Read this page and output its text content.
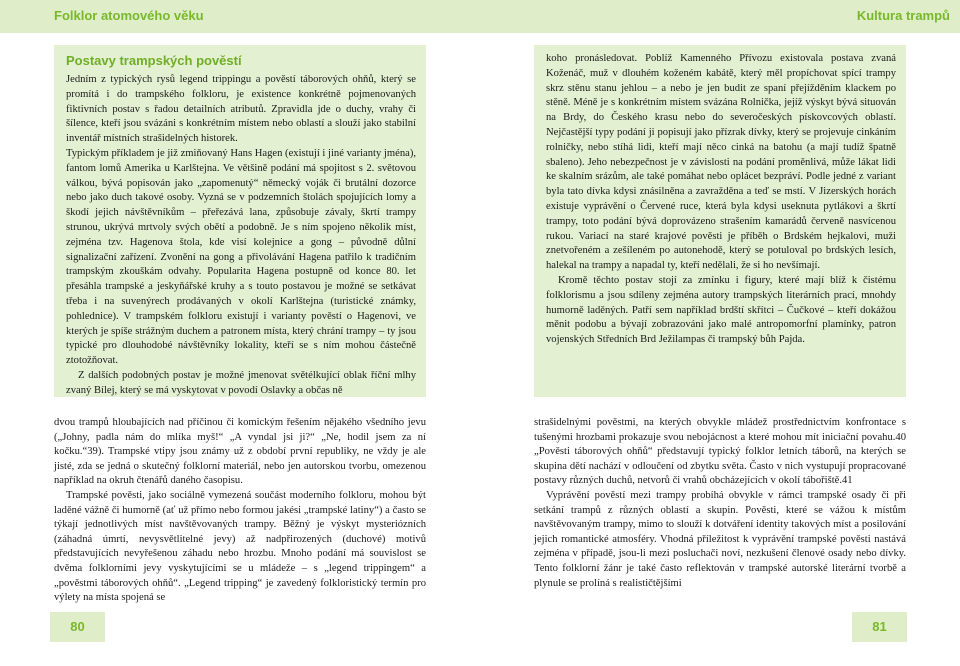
Folklor atomového věku	Kultura trampů
Postavy trampských pověstí

Jedním z typických rysů legend trippingu a pověstí táborových ohňů, který se promítá i do trampského folkloru, je existence konkrétně pojmenovaných fiktivních postav s řadou detailních atributů. Zpravidla jde o duchy, vrahy či šílence, kteří jsou svázáni s konkrétním místem nebo oblastí a slouží jako stabilní inventář místních strašidelných historek.

Typickým příkladem je již zmiňovaný Hans Hagen (existují i jiné varianty jména), fantom lomů Amerika u Karlštejna. Ve většině podání má spojitost s 2. světovou válkou, bývá popisován jako „zapomenutý“ německý voják či brutální dozorce nebo jako duch takové osoby. Vyzná se v podzemních štolách spojujících lomy a škodí jejich návštěvníkům – přeřezává lana, způsobuje závaly, škrtí trampy strunou, ukrývá mrtvoly svých obětí a podobně. Je s ním spojeno několik míst, zejména tzv. Hagenova štola, kde visí kolejnice a gong – původně důlní signalizační zařízení. Zvonění na gong a přivolávání Hagena patřilo k tradičním trampským zkouškám odvahy. Popularita Hagena postupně od konce 80. let přesáhla trampské a jeskyňářské kruhy a s touto postavou je možné se setkávat třeba i na suvenýrech prodávaných v okolí Karlštejna (turistické známky, pohlednice). V trampském folkloru existují i varianty pověstí o Hagenovi, ve kterých je spíše strážným duchem a patronem místa, který chrání trampy – ty jsou typické pro dlouhodobé návštěvníky lokality, kteří se s ním mohou částečně ztotožňovat.

Z dalších podobných postav je možné jmenovat světélkující oblak říční mlhy zvaný Bílej, který se má vyskytovat v povodí Oslavky a občas ně

koho pronásledovat. Poblíž Kamenného Přívozu existovala postava zvaná Koženáč, muž v dlouhém koženém kabátě, který měl propíchovat spící trampy skrz stěnu stanu jehlou – a nebo je jen budit ze spaní přejížděním klackem po stěně. Méně je s konkrétním místem svázána Rolnička, jejíž výskyt bývá situován na Brdy, do Českého krasu nebo do severočeských pískovcových oblastí. Nejčastější typy podání ji popisují jako přízrak dívky, který se projevuje cinkáním rolničky, nebo stíhá lidi, kteří mají něco cinká na batohu (a mají tudíž špatně sbaleno). Jeho nebezpečnost je v závislosti na podání proměnlivá, může lákat lidi ke skalním srázům, ale také pomáhat nebo oplácet bezpráví. Podle jedné z variant byla tato dívka kdysi znásilněna a zavražděna a teď se mstí. V Jizerských horách existuje vyprávění o Červené ruce, která byla kdysi useknuta pytlákovi a škrtí trampy, toto podání bývá doprovázeno strašením kamarádů červeně nasvícenou rukou. Variací na staré krajové pověsti je příběh o Brdském hejkalovi, muži znetvořeném a zešíleném po autonehodě, který se potuloval po brdských lesích, halekal na trampy a napadal ty, kteří nedělali, že si ho nevšímají.

Kromě těchto postav stojí za zmínku i figury, které mají blíž k čistému folklorismu a jsou sdíleny zejména autory trampských literárních prací, mnohdy humorně laděných. Patří sem například brdští skřítci – Čučkové – kteří dokážou měnit podobu a bývají zobrazováni jako malé antropomorfní plamínky, patron vojenských Středních Brd Ježilampas či trampský bůh Pajda.

dvou trampů hloubajících nad příčinou či komickým řešením nějakého všedního jevu („Johny, padla nám do mlíka myš!“ „A vyndal jsi ji?“ „Ne, hodil jsem za ní kočku.“39). Trampské vtipy jsou známy už z období první republiky, ne vždy je ale jisté, zda se jedná o skutečný folklorní materiál, nebo jen autorskou tvorbu, omezenou například na okruh čtenářů daného časopisu.

Trampské pověsti, jako sociálně vymezená součást moderního folkloru, mohou být laděné vážně či humorně (ať už přímo nebo formou jakési „trampské latiny“) a často se týkají jednotlivých míst navštěvovaných trampy. Běžný je výskyt mysteriózních (záhadná úmrtí, nevysvětlitelné jevy) až nadpřirozených (duchové) motivů představujících nevyřešenou záhadu nebo hrozbu. Mnoho podání má souvislost se dvěma folklorními jevy vyskytujícími se u mládeže – s „legend trippingem“ a „pověstmi táborových ohňů“. „Legend tripping“ je zavedený folkloristický termín pro výlety na místa spojená se

strašidelnými pověstmi, na kterých obvykle mládež prostřednictvím konfrontace s tušenými hrozbami prokazuje svou nebojácnost a které mohou mít iniciační povahu.40 „Pověsti táborových ohňů“ představují typický folklor letních táborů, na kterých se skupina dětí nachází v odloučení od zbytku světa. Často v nich vystupují propracované postavy různých duchů, netvorů či vrahů obcházejících v okolí tábořiště.41

Vyprávění pověstí mezi trampy probíhá obvykle v rámci trampské osady či při setkání trampů z různých oblastí a skupin. Pověsti, které se vážou k místům navštěvovaným trampy, mimo to slouží k dotváření identity takových míst a posilování jejich romantické atmosféry. Vhodná příležitost k vyprávění trampské pověsti nastává zejména v případě, jsou-li mezi posluchači noví, nezkušení členové osady nebo dívky. Tento folklorní žánr je také často reflektován v trampské autorské literární tvorbě a plynule se prolíná s realističtějšími

80	81
